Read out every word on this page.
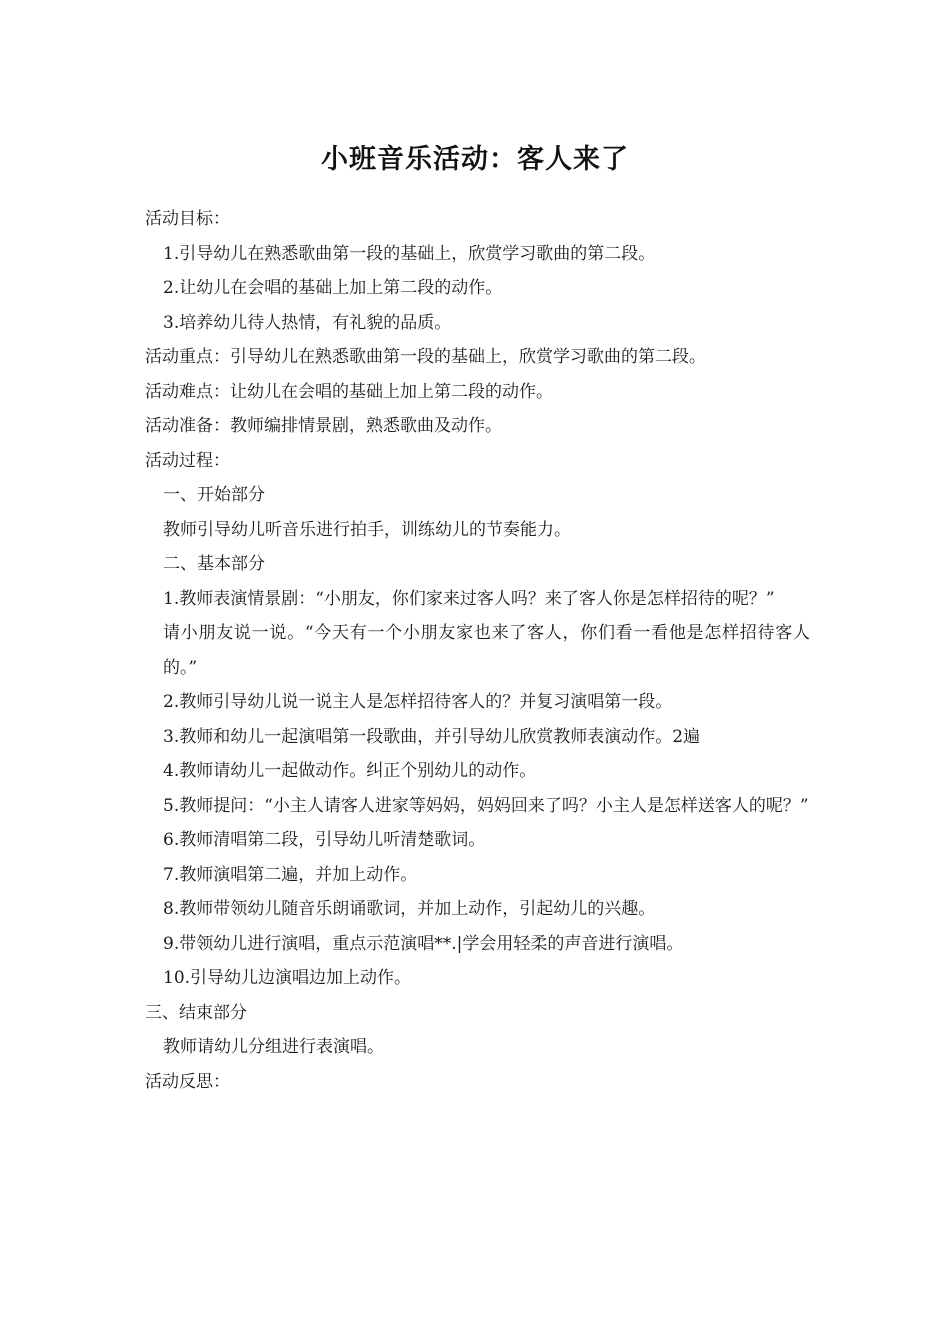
小班音乐活动：客人来了
活动目标：
1.引导幼儿在熟悉歌曲第一段的基础上，欣赏学习歌曲的第二段。
2.让幼儿在会唱的基础上加上第二段的动作。
3.培养幼儿待人热情，有礼貌的品质。
活动重点：引导幼儿在熟悉歌曲第一段的基础上，欣赏学习歌曲的第二段。
活动难点：让幼儿在会唱的基础上加上第二段的动作。
活动准备：教师编排情景剧，熟悉歌曲及动作。
活动过程：
一、开始部分
教师引导幼儿听音乐进行拍手，训练幼儿的节奏能力。
二、基本部分
1.教师表演情景剧：“小朋友，你们家来过客人吗？来了客人你是怎样招待的呢？”
请小朋友说一说。“今天有一个小朋友家也来了客人，你们看一看他是怎样招待客人的。”
2.教师引导幼儿说一说主人是怎样招待客人的？并复习演唱第一段。
3.教师和幼儿一起演唱第一段歌曲，并引导幼儿欣赏教师表演动作。2遍
4.教师请幼儿一起做动作。纠正个别幼儿的动作。
5.教师提问：“小主人请客人进家等妈妈，妈妈回来了吗？小主人是怎样送客人的呢？”
6.教师清唱第二段，引导幼儿听清楚歌词。
7.教师演唱第二遍，并加上动作。
8.教师带领幼儿随音乐朗诵歌词，并加上动作，引起幼儿的兴趣。
9.带领幼儿进行演唱，重点示范演唱**.|学会用轻柔的声音进行演唱。
10.引导幼儿边演唱边加上动作。
三、结束部分
教师请幼儿分组进行表演唱。
活动反思：
